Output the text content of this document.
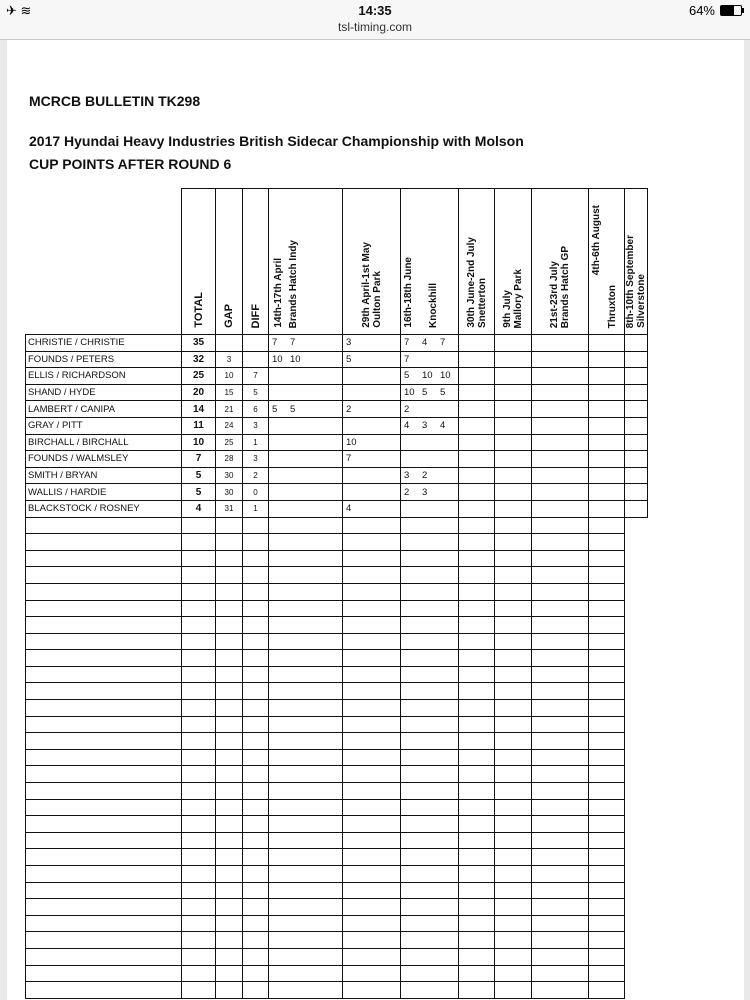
✈ ≋	14:35
tsl-timing.com
64%
MCRCB BULLETIN TK298
2017 Hyundai Heavy Industries British Sidecar Championship with Molson
CUP POINTS AFTER ROUND 6
	TOTAL	GAP	DIFF	14th-17th April Brands Hatch Indy	29th April-1st MayOulton Park	16th-18th June Knockhill	30th June-2nd JulySnetterton	9th JulyMallory Park	21st-23rd JulyBrands Hatch GP	4th-6th AugustThruxton	8th-10th SeptemberSilverstone
CHRISTIE / CHRISTIE	35			7 7	3	7 4 7					
FOUNDS / PETERS	32	3		10 10	5	7					
ELLIS / RICHARDSON	25	10	7			5 10 10					
SHAND / HYDE	20	15	5			10 5 5					
LAMBERT / CANIPA	14	21	6	5 5	2	2					
GRAY / PITT	11	24	3			4 3 4					
BIRCHALL / BIRCHALL	10	25	1		10						
FOUNDS / WALMSLEY	7	28	3		7						
SMITH / BRYAN	5	30	2			3 2					
WALLIS / HARDIE	5	30	0			2 3					
BLACKSTOCK / ROSNEY	4	31	1		4						
